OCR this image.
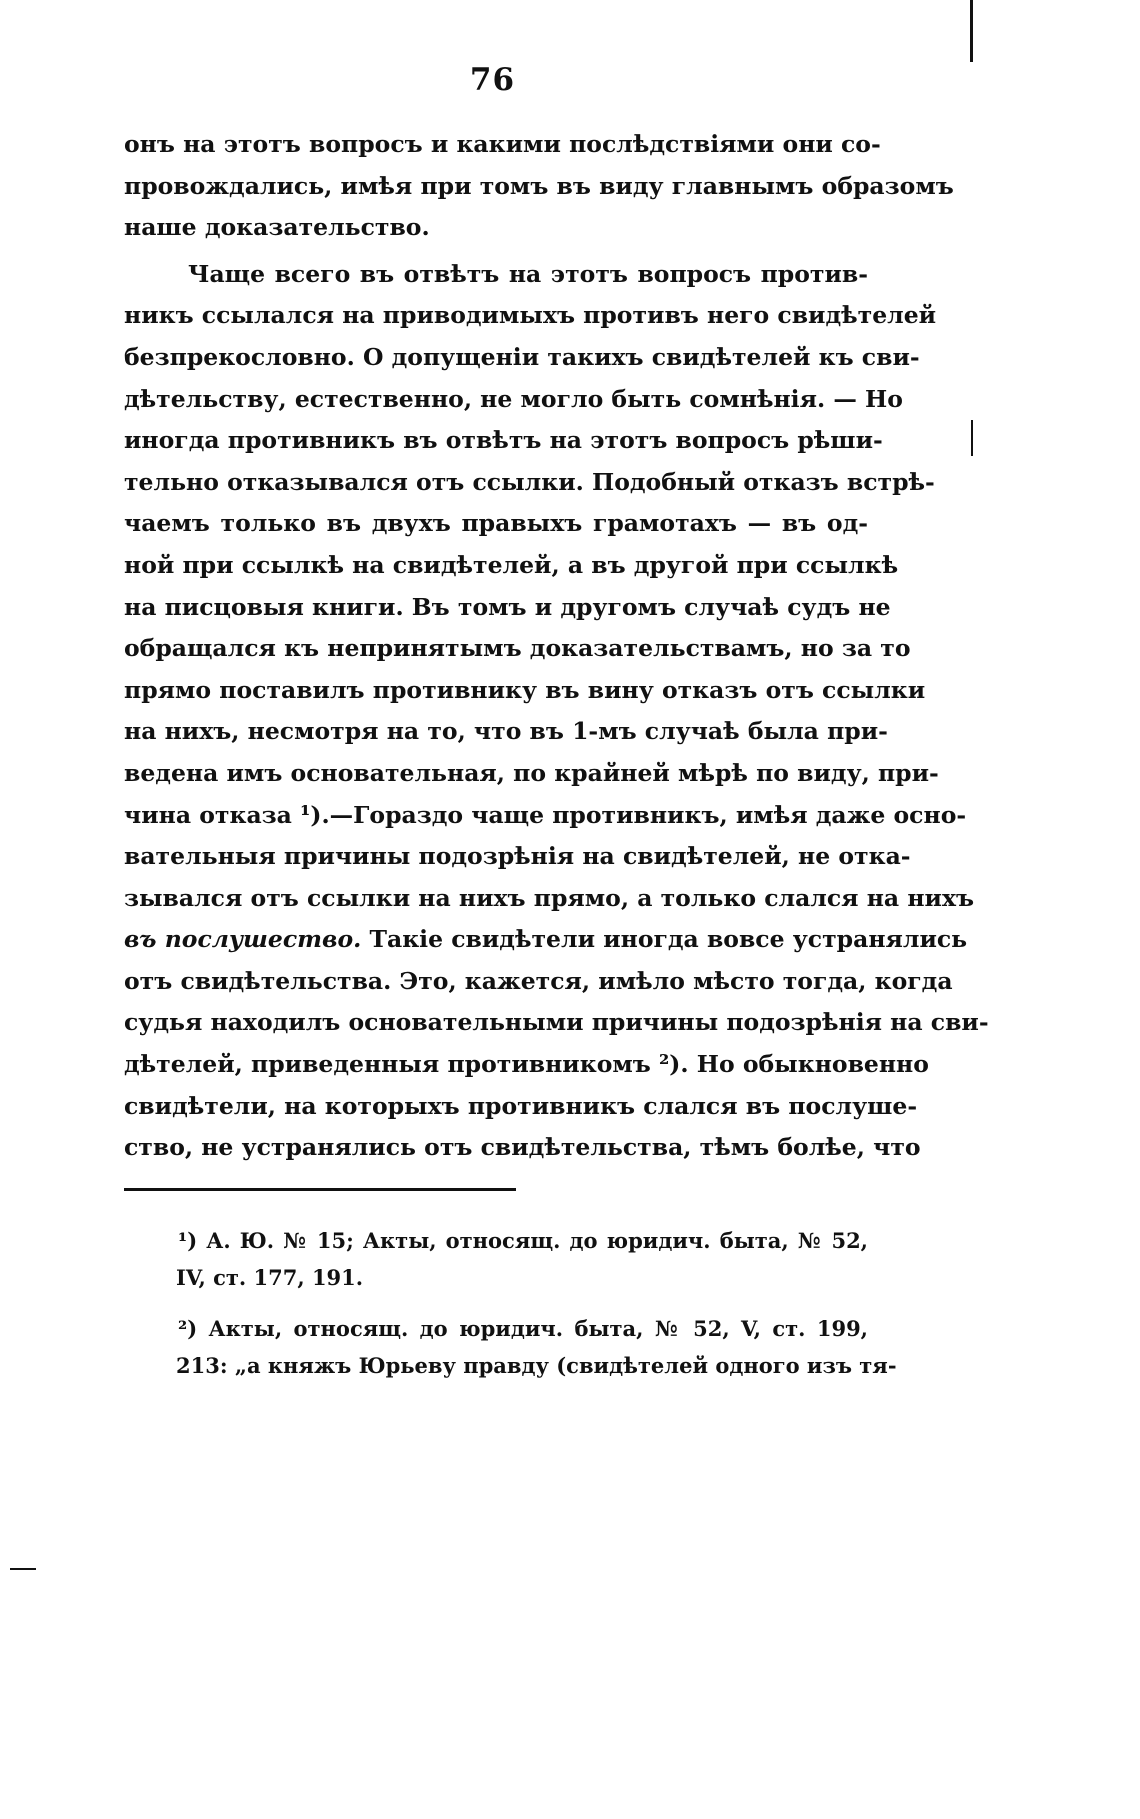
76
онъ на этотъ вопросъ и какими послѣдствіями они со-
провождались, имѣя при томъ въ виду главнымъ образомъ
наше доказательство.
Чаще всего въ отвѣтъ на этотъ вопросъ против-
никъ ссылался на приводимыхъ противъ него свидѣтелей
безпрекословно. О допущеніи такихъ свидѣтелей къ сви-
дѣтельству, естественно, не могло быть сомнѣнія. — Но
иногда противникъ въ отвѣтъ на этотъ вопросъ рѣши-
тельно отказывался отъ ссылки. Подобный отказъ встрѣ-
чаемъ только въ двухъ правыхъ грамотахъ — въ од-
ной при ссылкѣ на свидѣтелей, а въ другой при ссылкѣ
на писцовыя книги. Въ томъ и другомъ случаѣ судъ не
обращался къ непринятымъ доказательствамъ, но за то
прямо поставилъ противнику въ вину отказъ отъ ссылки
на нихъ, несмотря на то, что въ 1-мъ случаѣ была при-
ведена имъ основательная, по крайней мѣрѣ по виду, при-
чина отказа ¹).—Гораздо чаще противникъ, имѣя даже осно-
вательныя причины подозрѣнія на свидѣтелей, не отка-
зывался отъ ссылки на нихъ прямо, а только слался на нихъ
въ послушество. Такіе свидѣтели иногда вовсе устранялись
отъ свидѣтельства. Это, кажется, имѣло мѣсто тогда, когда
судья находилъ основательными причины подозрѣнія на сви-
дѣтелей, приведенныя противникомъ ²). Но обыкновенно
свидѣтели, на которыхъ противникъ слался въ послуше-
ство, не устранялись отъ свидѣтельства, тѣмъ болѣе, что
¹) А. Ю. № 15; Акты, относящ. до юридич. быта, № 52,
IV, ст. 177, 191.
²) Акты, относящ. до юридич. быта, № 52, V, ст. 199,
213: „а княжъ Юрьеву правду (свидѣтелей одного изъ тя-
